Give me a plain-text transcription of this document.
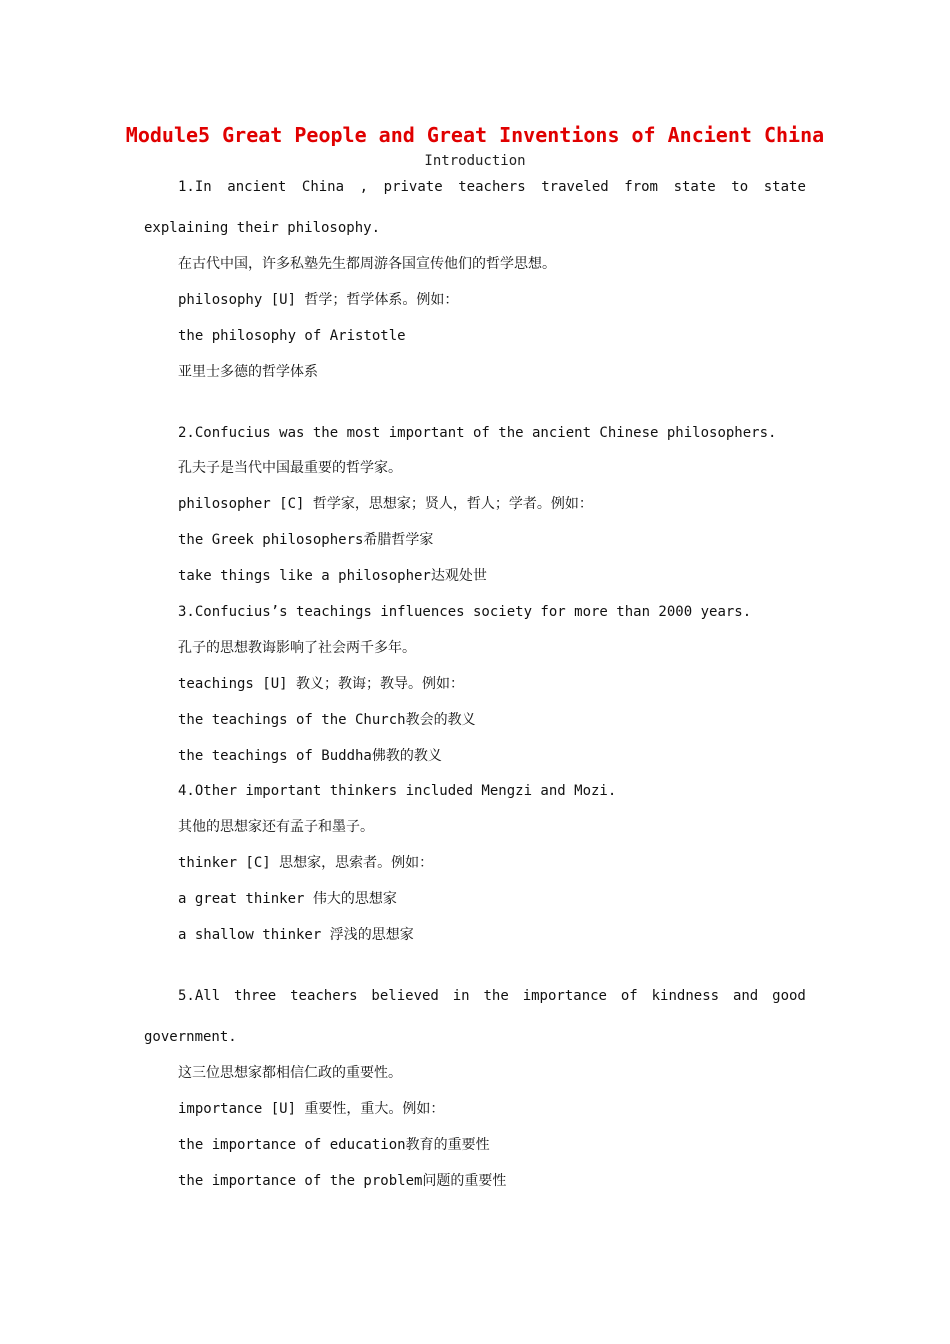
Module5 Great People and Great Inventions of Ancient China
Introduction
1.In ancient China , private teachers traveled from state to state
explaining their philosophy.
在古代中国，许多私塾先生都周游各国宣传他们的哲学思想。
philosophy [U] 哲学；哲学体系。例如：
the philosophy of Aristotle
亚里士多德的哲学体系
2.Confucius was the most important of the ancient Chinese philosophers.
孔夫子是当代中国最重要的哲学家。
philosopher [C] 哲学家，思想家；贤人，哲人；学者。例如：
the Greek philosophers希腊哲学家
take things like a philosopher达观处世
3.Confucius’s teachings influences society for more than 2000 years.
孔子的思想教诲影响了社会两千多年。
teachings [U] 教义；教诲；教导。例如：
the teachings of the Church教会的教义
the teachings of Buddha佛教的教义
4.Other important thinkers included Mengzi and Mozi.
其他的思想家还有孟子和墨子。
thinker [C] 思想家，思索者。例如：
a great thinker 伟大的思想家
a shallow thinker 浮浅的思想家
5.All three teachers believed in the importance of kindness and good
government.
这三位思想家都相信仁政的重要性。
importance [U] 重要性，重大。例如：
the importance of education教育的重要性
the importance of the problem问题的重要性
